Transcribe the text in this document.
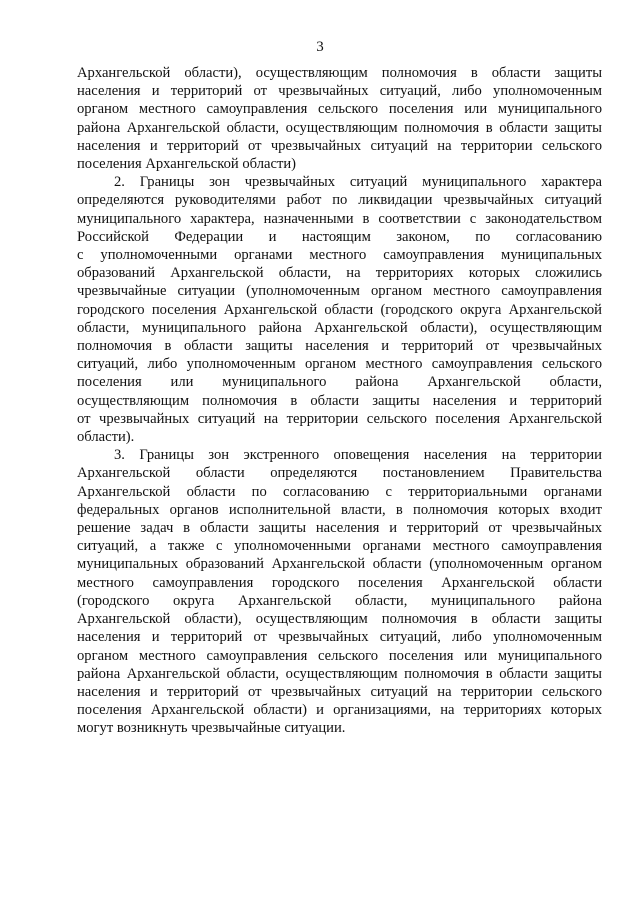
3

Архангельской области), осуществляющим полномочия в области защиты
населения и территорий от чрезвычайных ситуаций, либо уполномоченным
органом местного самоуправления сельского поселения или муниципального
района Архангельской области, осуществляющим полномочия в области защиты
населения и территорий от чрезвычайных ситуаций на территории сельского
поселения Архангельской области)

2. Границы зон чрезвычайных ситуаций муниципального характера
определяются руководителями работ по ликвидации чрезвычайных ситуаций
муниципального характера, назначенными в соответствии с законодательством
Российской Федерации и настоящим законом, по согласованию
с уполномоченными органами местного самоуправления муниципальных
образований Архангельской области, на территориях которых сложились
чрезвычайные ситуации (уполномоченным органом местного самоуправления
городского поселения Архангельской области (городского округа Архангельской
области, муниципального района Архангельской области), осуществляющим
полномочия в области защиты населения и территорий от чрезвычайных
ситуаций, либо уполномоченным органом местного самоуправления сельского
поселения или муниципального района Архангельской области,
осуществляющим полномочия в области защиты населения и территорий
от чрезвычайных ситуаций на территории сельского поселения Архангельской
области).

3. Границы зон экстренного оповещения населения на территории
Архангельской области определяются постановлением Правительства
Архангельской области по согласованию с территориальными органами
федеральных органов исполнительной власти, в полномочия которых входит
решение задач в области защиты населения и территорий от чрезвычайных
ситуаций, а также с уполномоченными органами местного самоуправления
муниципальных образований Архангельской области (уполномоченным органом
местного самоуправления городского поселения Архангельской области
(городского округа Архангельской области, муниципального района
Архангельской области), осуществляющим полномочия в области защиты
населения и территорий от чрезвычайных ситуаций, либо уполномоченным
органом местного самоуправления сельского поселения или муниципального
района Архангельской области, осуществляющим полномочия в области защиты
населения и территорий от чрезвычайных ситуаций на территории сельского
поселения Архангельской области) и организациями, на территориях которых
могут возникнуть чрезвычайные ситуации.
